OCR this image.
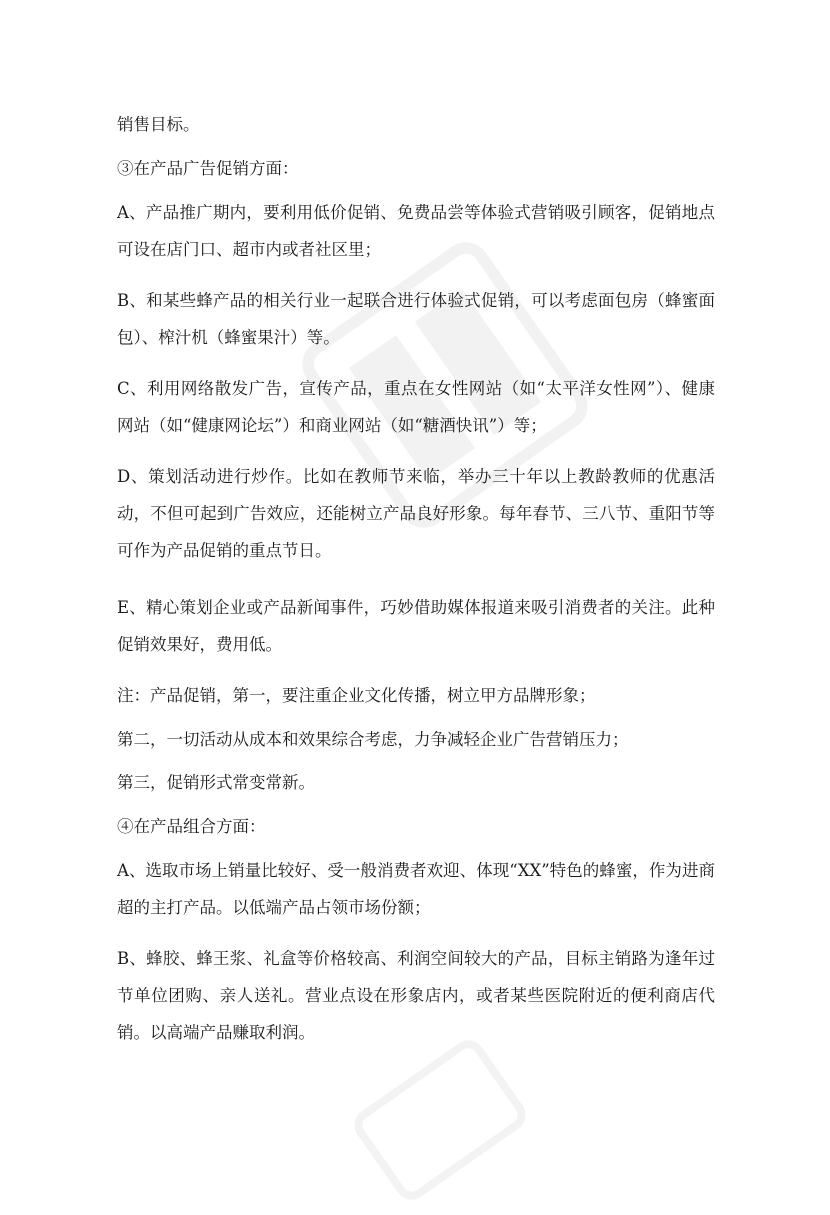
销售目标。

③在产品广告促销方面：

A、产品推广期内，要利用低价促销、免费品尝等体验式营销吸引顾客，促销地点可设在店门口、超市内或者社区里；

B、和某些蜂产品的相关行业一起联合进行体验式促销，可以考虑面包房（蜂蜜面包）、榨汁机（蜂蜜果汁）等。

C、利用网络散发广告，宣传产品，重点在女性网站（如“太平洋女性网”）、健康网站（如“健康网论坛”）和商业网站（如“糖酒快讯”）等；

D、策划活动进行炒作。比如在教师节来临，举办三十年以上教龄教师的优惠活动，不但可起到广告效应，还能树立产品良好形象。每年春节、三八节、重阳节等可作为产品促销的重点节日。

E、精心策划企业或产品新闻事件，巧妙借助媒体报道来吸引消费者的关注。此种促销效果好，费用低。

注：产品促销，第一，要注重企业文化传播，树立甲方品牌形象；

第二，一切活动从成本和效果综合考虑，力争减轻企业广告营销压力；

第三，促销形式常变常新。

④在产品组合方面：

A、选取市场上销量比较好、受一般消费者欢迎、体现“XX”特色的蜂蜜，作为进商超的主打产品。以低端产品占领市场份额；

B、蜂胶、蜂王浆、礼盒等价格较高、利润空间较大的产品，目标主销路为逢年过节单位团购、亲人送礼。营业点设在形象店内，或者某些医院附近的便利商店代销。以高端产品赚取利润。
